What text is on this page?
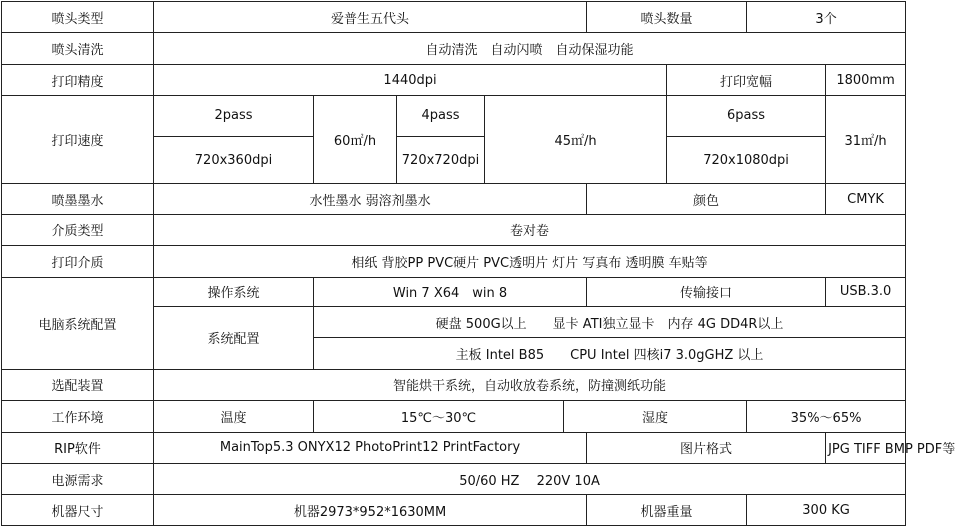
喷头类型	爱普生五代头					喷头数量		3个	
喷头清洗	自动清洗　自动闪喷　自动保湿功能								
打印精度	1440dpi						打印宽幅		1800mm
打印速度	2pass	60㎡/h	4pass	45㎡/h			6pass		31㎡/h
	720x360dpi		720x720dpi				720x1080dpi		
喷墨墨水	水性墨水 弱溶剂墨水					颜色			CMYK
介质类型	卷对卷								
打印介质	相纸 背胶PP PVC硬片 PVC透明片 灯片 写真布 透明膜 车贴等								
电脑系统配置	操作系统	Win 7 X64　win 8				传输接口			USB.3.0
	系统配置	硬盘 500G以上　　显卡 ATI独立显卡　内存 4G DD4R以上							
		主板 Intel B85　　CPU Intel 四核i7 3.0gGHZ 以上							
选配装置	智能烘干系统，自动收放卷系统，防撞测纸功能								
工作环境	温度	15℃～30℃			湿度			35%～65%	
RIP软件	MainTop5.3 ONYX12 PhotoPrint12 PrintFactory					图片格式			JPG TIFF BMP PDF等
电源需求	50/60 HZ　 220V 10A								
机器尺寸	机器2973*952*1630MM					机器重量		300 KG	
